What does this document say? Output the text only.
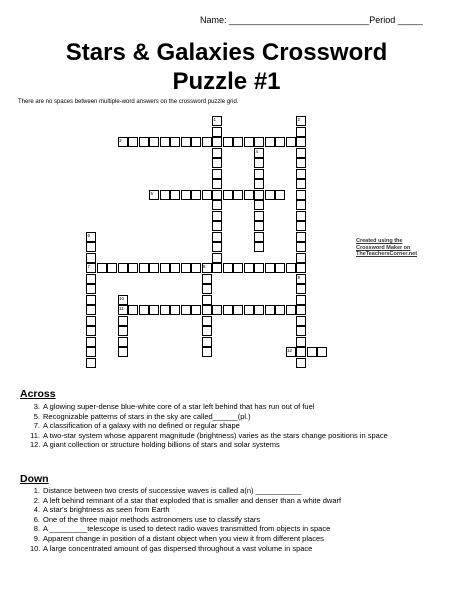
Name: ____________________________Period _____
Stars & Galaxies Crossword
Puzzle #1
There are no spaces between multiple-word answers on the crossword puzzle grid.
1	2
3
4
5
6
7	8
9
10
11
12
Created using the
Crossword Maker on
TheTeachersCorner.net
Across
3. A glowing super-dense blue-white core of a star left behind that has run out of fuel
5. Recognizable patterns of stars in the sky are called______(pl.)
7. A classification of a galaxy with no defined or regular shape
11. A two-star system whose apparent magnitude (brightness) varies as the stars change positions in space
12. A giant collection or structure holding billions of stars and solar systems
Down
1. Distance between two crests of successive waves is called a(n) ___________
2. A left behind remnant of a star that exploded that is smaller and denser than a white dwarf
4. A star's brightness as seen from Earth
6. One of the three major methods astronomers use to classify stars
8. A _________telescope is used to detect radio waves transmitted from objects in space
9. Apparent change in position of a distant object when you view it from different places
10. A large concentrated amount of gas dispersed throughout a vast volume in space
